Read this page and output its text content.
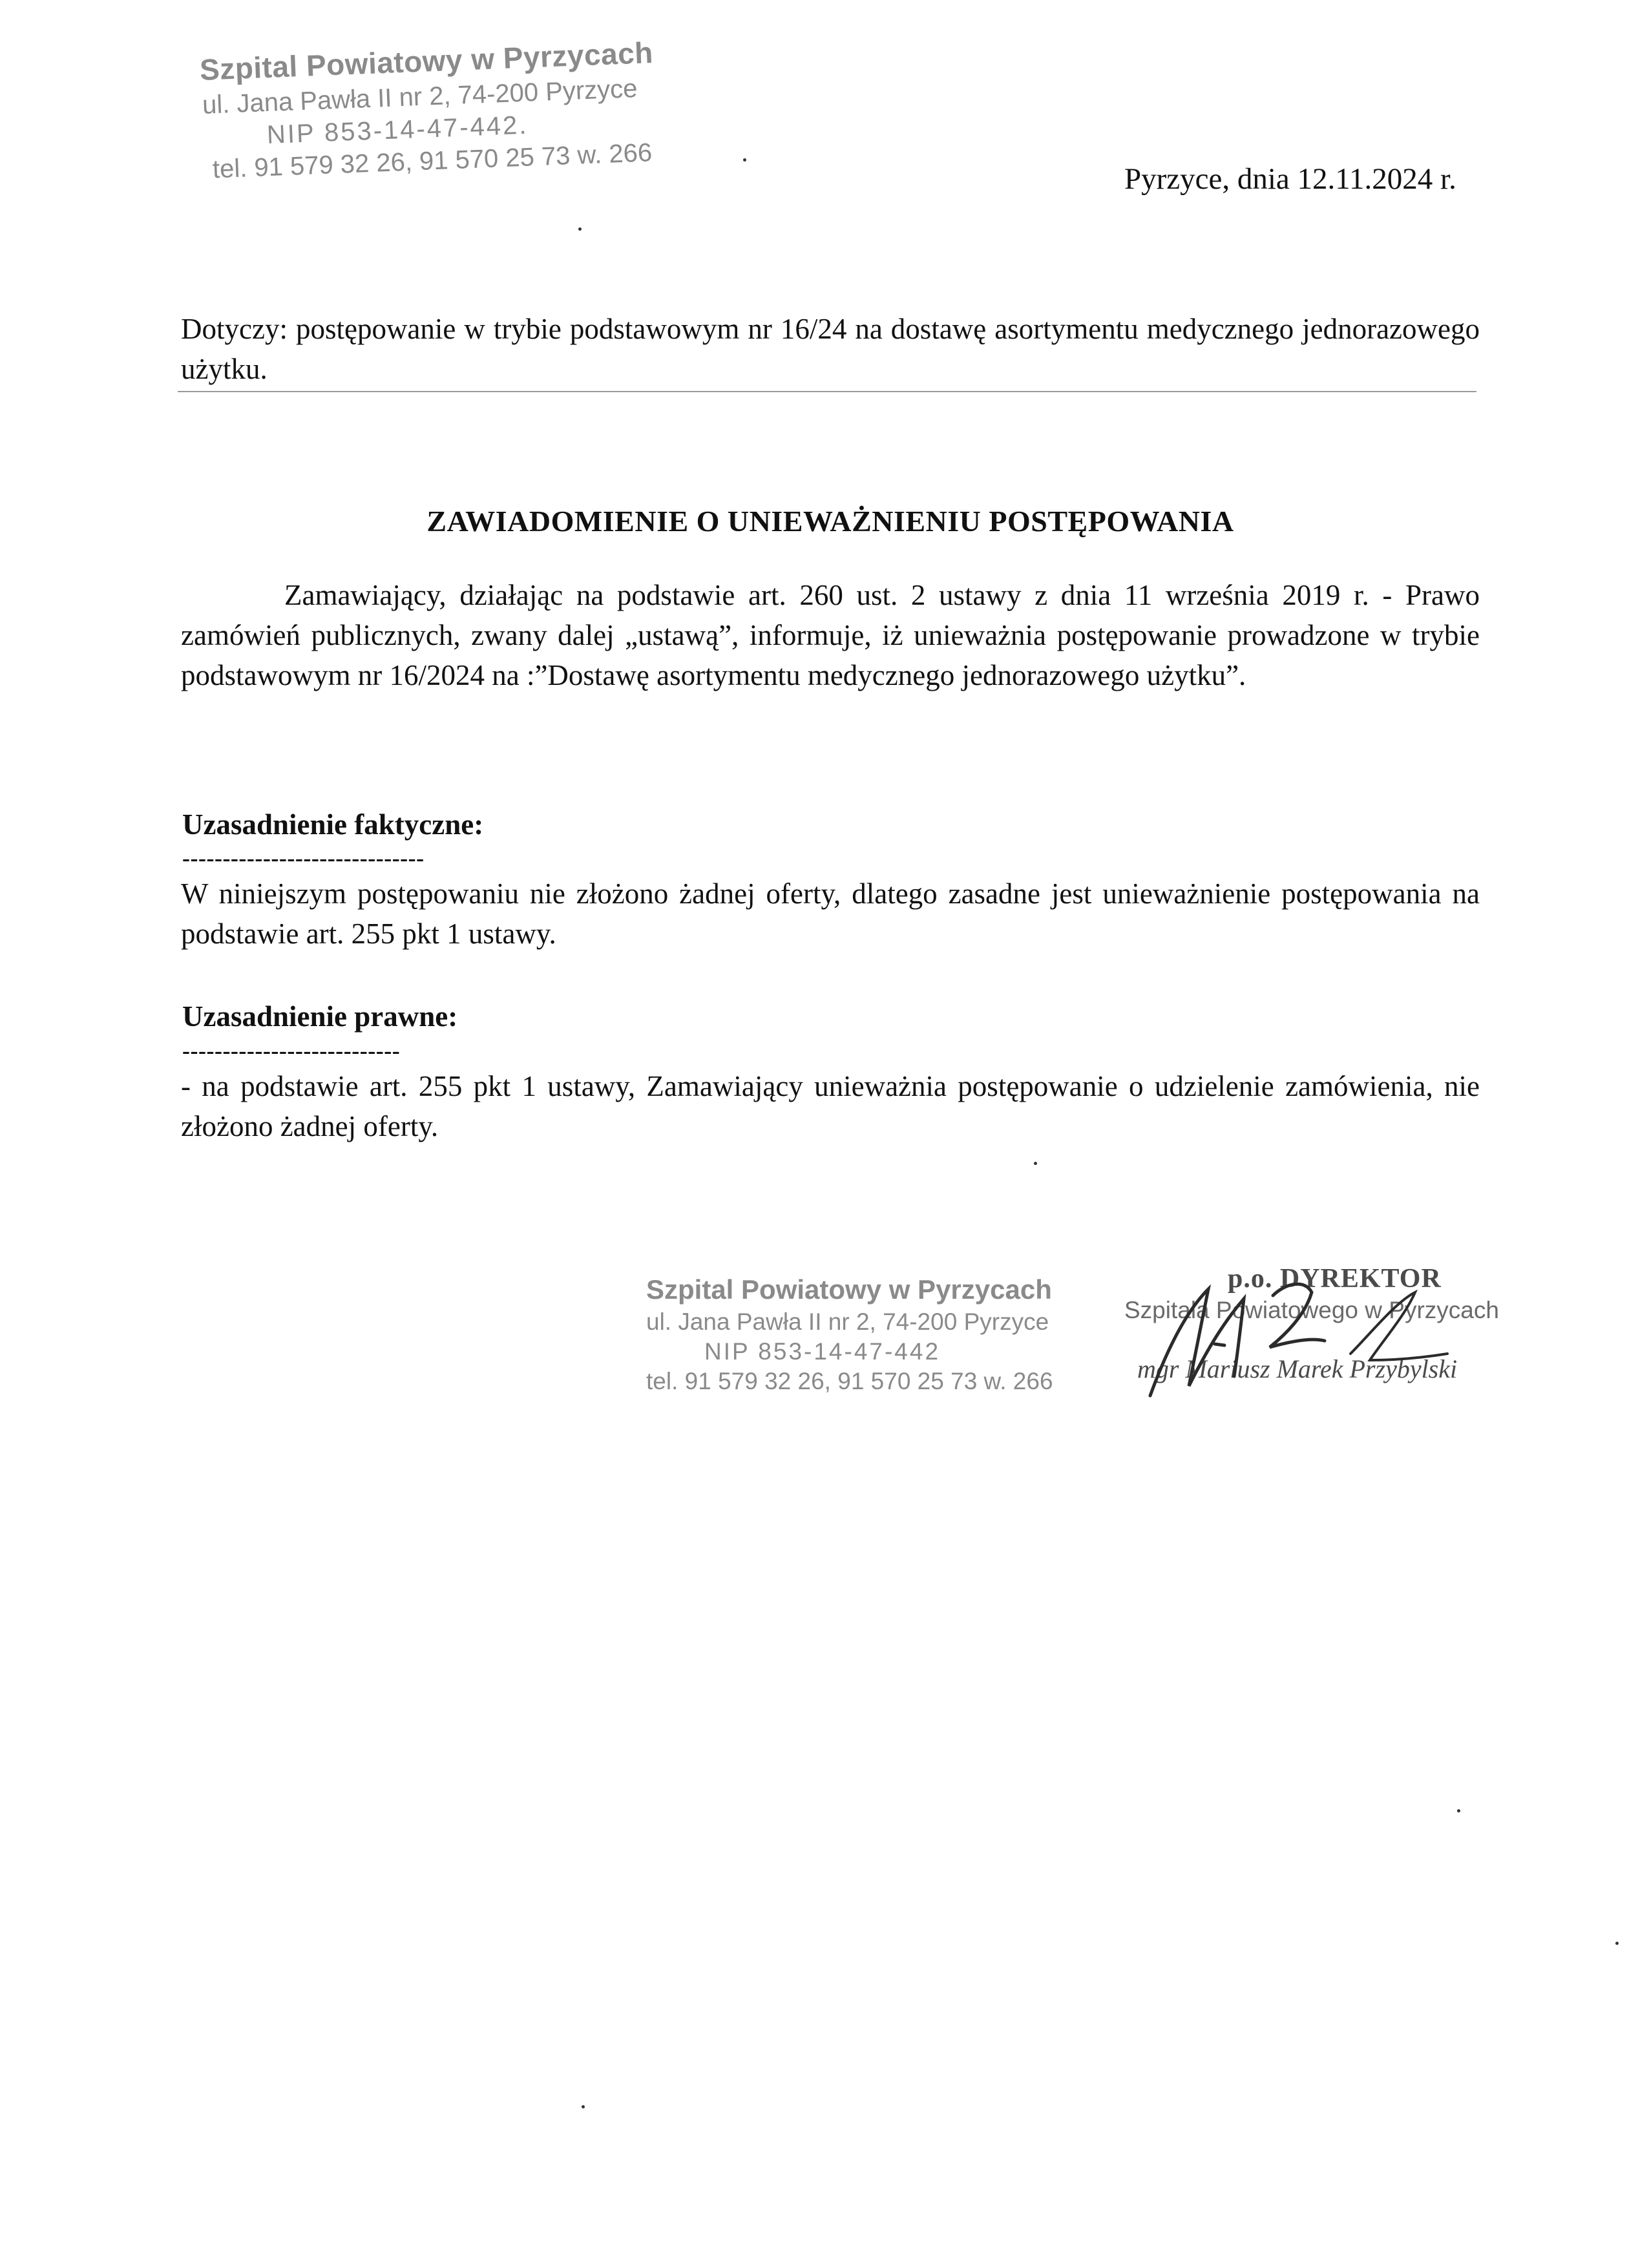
Szpital Powiatowy w Pyrzycach
ul. Jana Pawła II nr 2, 74-200 Pyrzyce
NIP 853-14-47-442.
tel. 91 579 32 26, 91 570 25 73 w. 266	Pyrzyce, dnia 12.11.2024 r.
Dotyczy: postępowanie w trybie podstawowym nr 16/24 na dostawę asortymentu medycznego jednorazowego użytku.
ZAWIADOMIENIE O UNIEWAŻNIENIU POSTĘPOWANIA
Zamawiający, działając na podstawie art. 260 ust. 2 ustawy z dnia 11 września 2019 r. - Prawo zamówień publicznych, zwany dalej „ustawą”, informuje, iż unieważnia postępowanie prowadzone w trybie podstawowym nr 16/2024 na :”Dostawę asortymentu medycznego jednorazowego użytku”.
Uzasadnienie faktyczne:
------------------------------
W niniejszym postępowaniu nie złożono żadnej oferty, dlatego zasadne jest unieważnienie postępowania na podstawie art. 255 pkt 1 ustawy.
Uzasadnienie prawne:
---------------------------
- na podstawie art. 255 pkt 1 ustawy, Zamawiający unieważnia postępowanie o udzielenie zamówienia, nie złożono żadnej oferty.
Szpital Powiatowy w Pyrzycach
ul. Jana Pawła II nr 2, 74-200 Pyrzyce
NIP 853-14-47-442
tel. 91 579 32 26, 91 570 25 73 w. 266
p.o. DYREKTOR
Szpitala Powiatowego w Pyrzycach
mgr Mariusz Marek Przybylski
